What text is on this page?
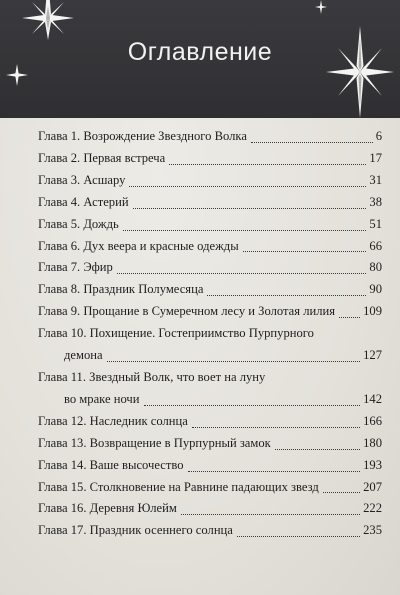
Оглавление
Глава 1. Возрождение Звездного Волка	6
Глава 2. Первая встреча	17
Глава 3. Асшару	31
Глава 4. Астерий	38
Глава 5. Дождь	51
Глава 6. Дух веера и красные одежды	66
Глава 7. Эфир	80
Глава 8. Праздник Полумесяца	90
Глава 9. Прощание в Сумеречном лесу и Золотая лилия 109
Глава 10. Похищение. Гостеприимство Пурпурного
демона	127
Глава 11. Звездный Волк, что воет на луну
во мраке ночи	142
Глава 12. Наследник солнца	166
Глава 13. Возвращение в Пурпурный замок	180
Глава 14. Ваше высочество	193
Глава 15. Столкновение на Равнине падающих звезд	207
Глава 16. Деревня Юлейм	222
Глава 17. Праздник осеннего солнца	235
